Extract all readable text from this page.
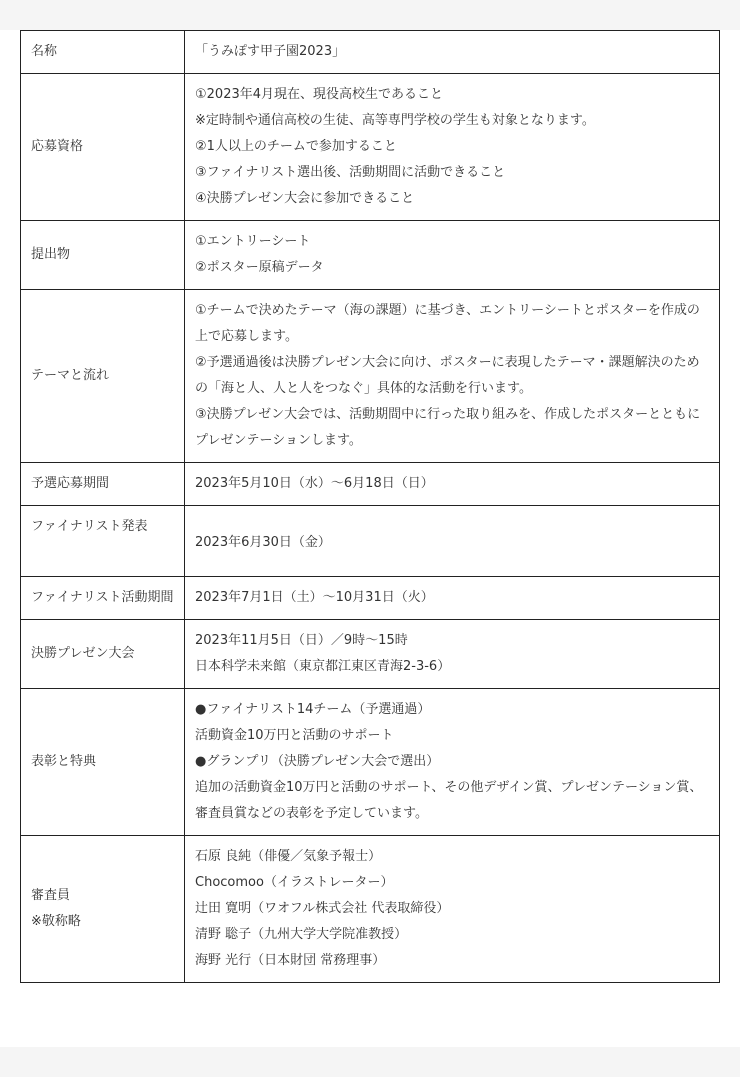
名称	「うみぽす甲子園2023」

応募資格	①2023年4月現在、現役高校生であること
※定時制や通信高校の生徒、高等専門学校の学生も対象となります。
②1人以上のチームで参加すること
③ファイナリスト選出後、活動期間に活動できること
④決勝プレゼン大会に参加できること

提出物	①エントリーシート
②ポスター原稿データ

テーマと流れ	①チームで決めたテーマ（海の課題）に基づき、エントリーシートとポスターを作成の上で応募します。
②予選通過後は決勝プレゼン大会に向け、ポスターに表現したテーマ・課題解決のための「海と人、人と人をつなぐ」具体的な活動を行います。
③決勝プレゼン大会では、活動期間中に行った取り組みを、作成したポスターとともにプレゼンテーションします。

予選応募期間	2023年5月10日（水）～6月18日（日）

ファイナリスト発表	2023年6月30日（金）

ファイナリスト活動期間	2023年7月1日（土）～10月31日（火）

決勝プレゼン大会	2023年11月5日（日）／9時～15時
日本科学未来館（東京都江東区青海2-3-6）

表彰と特典	●ファイナリスト14チーム（予選通過）
活動資金10万円と活動のサポート
●グランプリ（決勝プレゼン大会で選出）
追加の活動資金10万円と活動のサポート、その他デザイン賞、プレゼンテーション賞、審査員賞などの表彰を予定しています。

審査員
※敬称略	石原 良純（俳優／気象予報士）
Chocomoo（イラストレーター）
辻田 寛明（ワオフル株式会社 代表取締役）
清野 聡子（九州大学大学院准教授）
海野 光行（日本財団 常務理事）
